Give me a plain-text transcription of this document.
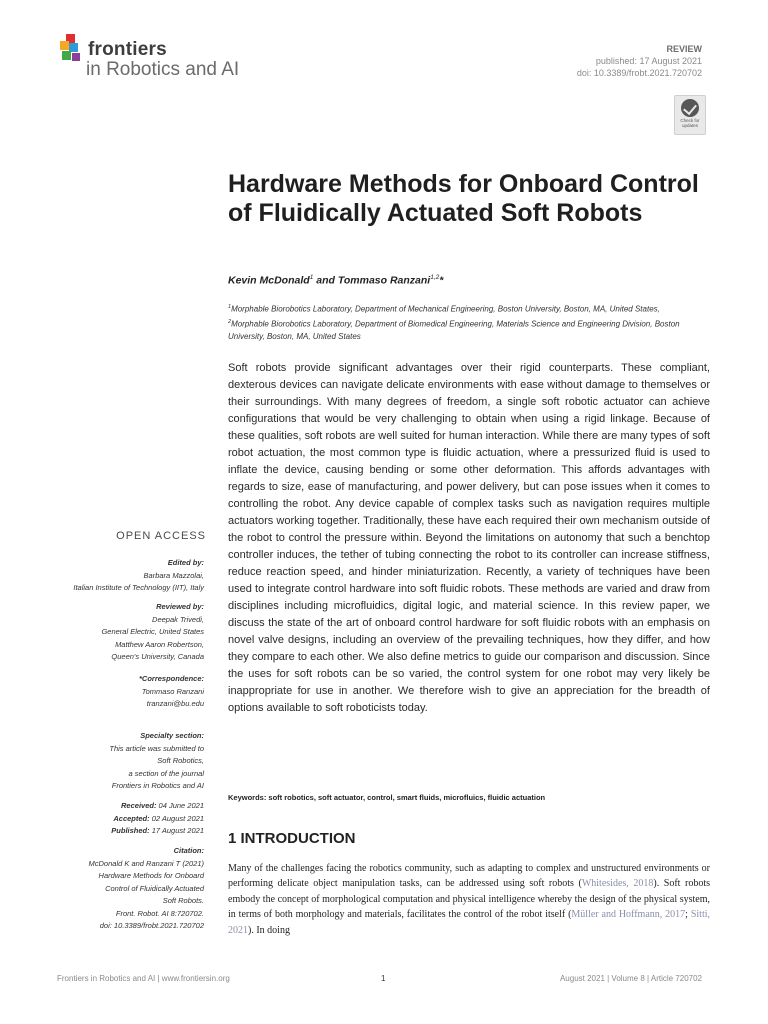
frontiers
in Robotics and AI
REVIEW
published: 17 August 2021
doi: 10.3389/frobt.2021.720702
Check for updates
Hardware Methods for Onboard Control of Fluidically Actuated Soft Robots
Kevin McDonald$^1$ and Tommaso Ranzani$^{1,2}$*
$^1$Morphable Biorobotics Laboratory, Department of Mechanical Engineering, Boston University, Boston, MA, United States,
$^2$Morphable Biorobotics Laboratory, Department of Biomedical Engineering, Materials Science and Engineering Division, Boston University, Boston, MA, United States
Soft robots provide significant advantages over their rigid counterparts. These compliant, dexterous devices can navigate delicate environments with ease without damage to themselves or their surroundings. With many degrees of freedom, a single soft robotic actuator can achieve configurations that would be very challenging to obtain when using a rigid linkage. Because of these qualities, soft robots are well suited for human interaction. While there are many types of soft robot actuation, the most common type is fluidic actuation, where a pressurized fluid is used to inflate the device, causing bending or some other deformation. This affords advantages with regards to size, ease of manufacturing, and power delivery, but can pose issues when it comes to controlling the robot. Any device capable of complex tasks such as navigation requires multiple actuators working together. Traditionally, these have each required their own mechanism outside of the robot to control the pressure within. Beyond the limitations on autonomy that such a benchtop controller induces, the tether of tubing connecting the robot to its controller can increase stiffness, reduce reaction speed, and hinder miniaturization. Recently, a variety of techniques have been used to integrate control hardware into soft fluidic robots. These methods are varied and draw from disciplines including microfluidics, digital logic, and material science. In this review paper, we discuss the state of the art of onboard control hardware for soft fluidic robots with an emphasis on novel valve designs, including an overview of the prevailing techniques, how they differ, and how they compare to each other. We also define metrics to guide our comparison and discussion. Since the uses for soft robots can be so varied, the control system for one robot may very likely be inappropriate for use in another. We therefore wish to give an appreciation for the breadth of options available to soft roboticists today.
Keywords: soft robotics, soft actuator, control, smart fluids, microfluics, fluidic actuation
1 INTRODUCTION
Many of the challenges facing the robotics community, such as adapting to complex and unstructured environments or performing delicate object manipulation tasks, can be addressed using soft robots (Whitesides, 2018). Soft robots embody the concept of morphological computation and physical intelligence whereby the design of the physical system, in terms of both morphology and materials, facilitates the control of the robot itself (Müller and Hoffmann, 2017; Sitti, 2021). In doing
OPEN ACCESS
Edited by:
Barbara Mazzolai,
Italian Institute of Technology (IIT), Italy
Reviewed by:
Deepak Trivedi,
General Electric, United States
Matthew Aaron Robertson,
Queen's University, Canada
*Correspondence:
Tommaso Ranzani
tranzani@bu.edu
Specialty section:
This article was submitted to
Soft Robotics,
a section of the journal
Frontiers in Robotics and AI
Received: 04 June 2021
Accepted: 02 August 2021
Published: 17 August 2021
Citation:
McDonald K and Ranzani T (2021)
Hardware Methods for Onboard
Control of Fluidically Actuated
Soft Robots.
Front. Robot. AI 8:720702.
doi: 10.3389/frobt.2021.720702
Frontiers in Robotics and AI | www.frontiersin.org	1	August 2021 | Volume 8 | Article 720702
